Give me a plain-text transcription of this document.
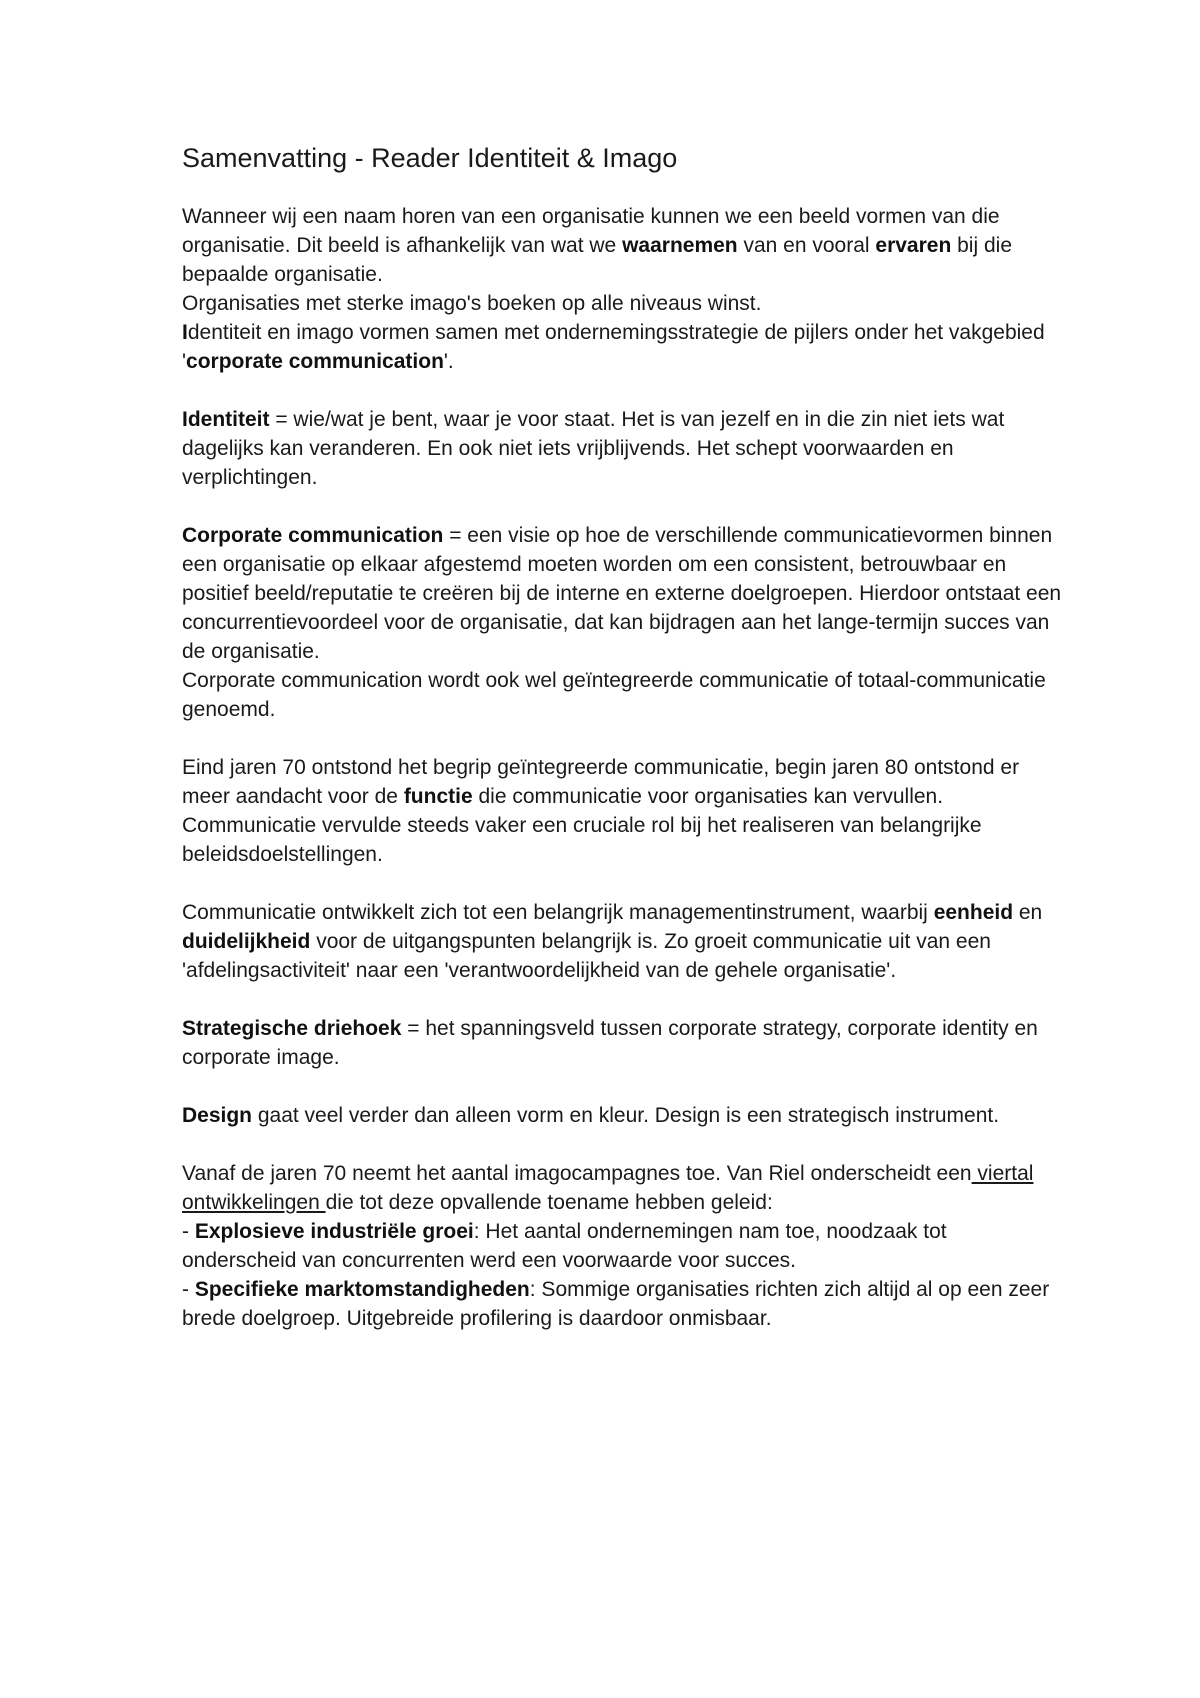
Samenvatting - Reader Identiteit & Imago
Wanneer wij een naam horen van een organisatie kunnen we een beeld vormen van die organisatie. Dit beeld is afhankelijk van wat we waarnemen van en vooral ervaren bij die bepaalde organisatie.
Organisaties met sterke imago's boeken op alle niveaus winst.
Identiteit en imago vormen samen met ondernemingsstrategie de pijlers onder het vakgebied 'corporate communication'.
Identiteit = wie/wat je bent, waar je voor staat. Het is van jezelf en in die zin niet iets wat dagelijks kan veranderen. En ook niet iets vrijblijvends. Het schept voorwaarden en verplichtingen.
Corporate communication = een visie op hoe de verschillende communicatievormen binnen een organisatie op elkaar afgestemd moeten worden om een consistent, betrouwbaar en positief beeld/reputatie te creëren bij de interne en externe doelgroepen. Hierdoor ontstaat een concurrentievoordeel voor de organisatie, dat kan bijdragen aan het lange-termijn succes van de organisatie.
Corporate communication wordt ook wel geïntegreerde communicatie of totaal-communicatie genoemd.
Eind jaren 70 ontstond het begrip geïntegreerde communicatie, begin jaren 80 ontstond er meer aandacht voor de functie die communicatie voor organisaties kan vervullen. Communicatie vervulde steeds vaker een cruciale rol bij het realiseren van belangrijke beleidsdoelstellingen.
Communicatie ontwikkelt zich tot een belangrijk managementinstrument, waarbij eenheid en duidelijkheid voor de uitgangspunten belangrijk is. Zo groeit communicatie uit van een 'afdelingsactiviteit' naar een 'verantwoordelijkheid van de gehele organisatie'.
Strategische driehoek = het spanningsveld tussen corporate strategy, corporate identity en corporate image.
Design gaat veel verder dan alleen vorm en kleur. Design is een strategisch instrument.
Vanaf de jaren 70 neemt het aantal imagocampagnes toe. Van Riel onderscheidt een viertal ontwikkelingen die tot deze opvallende toename hebben geleid:
- Explosieve industriële groei: Het aantal ondernemingen nam toe, noodzaak tot onderscheid van concurrenten werd een voorwaarde voor succes.
- Specifieke marktomstandigheden: Sommige organisaties richten zich altijd al op een zeer brede doelgroep. Uitgebreide profilering is daardoor onmisbaar.
